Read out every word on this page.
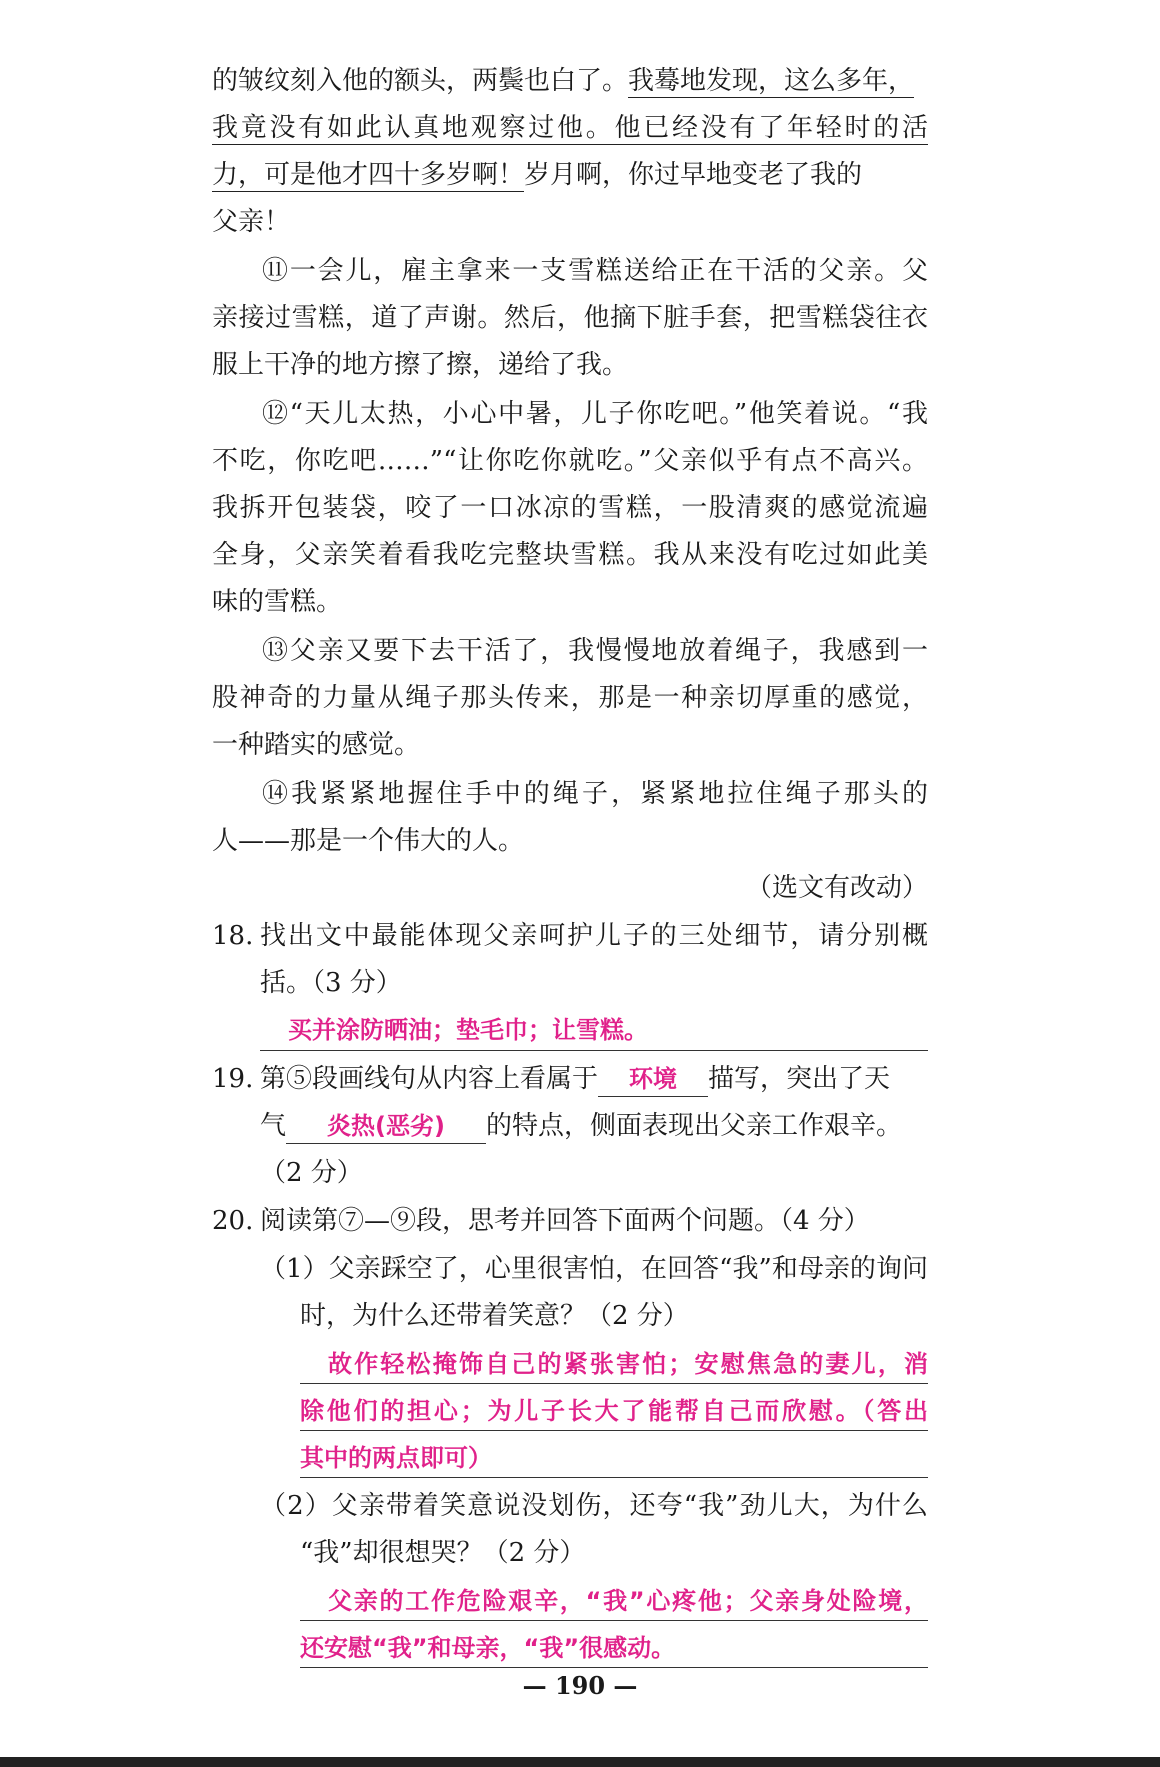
的皱纹刻入他的额头，两鬓也白了。我蓦地发现，这么多年，
我竟没有如此认真地观察过他。他已经没有了年轻时的活
力，可是他才四十多岁啊！岁月啊，你过早地变老了我的
父亲！
⑪一会儿，雇主拿来一支雪糕送给正在干活的父亲。父
亲接过雪糕，道了声谢。然后，他摘下脏手套，把雪糕袋往衣
服上干净的地方擦了擦，递给了我。
⑫“天儿太热，小心中暑，儿子你吃吧。”他笑着说。“我
不吃，你吃吧……”“让你吃你就吃。”父亲似乎有点不高兴。
我拆开包装袋，咬了一口冰凉的雪糕，一股清爽的感觉流遍
全身，父亲笑着看我吃完整块雪糕。我从来没有吃过如此美
味的雪糕。
⑬父亲又要下去干活了，我慢慢地放着绳子，我感到一
股神奇的力量从绳子那头传来，那是一种亲切厚重的感觉，
一种踏实的感觉。
⑭我紧紧地握住手中的绳子，紧紧地拉住绳子那头的
人——那是一个伟大的人。
（选文有改动）
18. 找出文中最能体现父亲呵护儿子的三处细节，请分别概
括。（3 分）
买并涂防晒油；垫毛巾；让雪糕。
19. 第⑤段画线句从内容上看属于 环境 描写，突出了天
气 炎热(恶劣) 的特点，侧面表现出父亲工作艰辛。
（2 分）
20. 阅读第⑦—⑨段，思考并回答下面两个问题。（4 分）
（1）父亲踩空了，心里很害怕，在回答“我”和母亲的询问
时，为什么还带着笑意？（2 分）
故作轻松掩饰自己的紧张害怕；安慰焦急的妻儿，消
除他们的担心；为儿子长大了能帮自己而欣慰。（答出
其中的两点即可）
（2）父亲带着笑意说没划伤，还夸“我”劲儿大，为什么
“我”却很想哭？（2 分）
父亲的工作危险艰辛，“我”心疼他；父亲身处险境，
还安慰“我”和母亲，“我”很感动。
— 190 —
